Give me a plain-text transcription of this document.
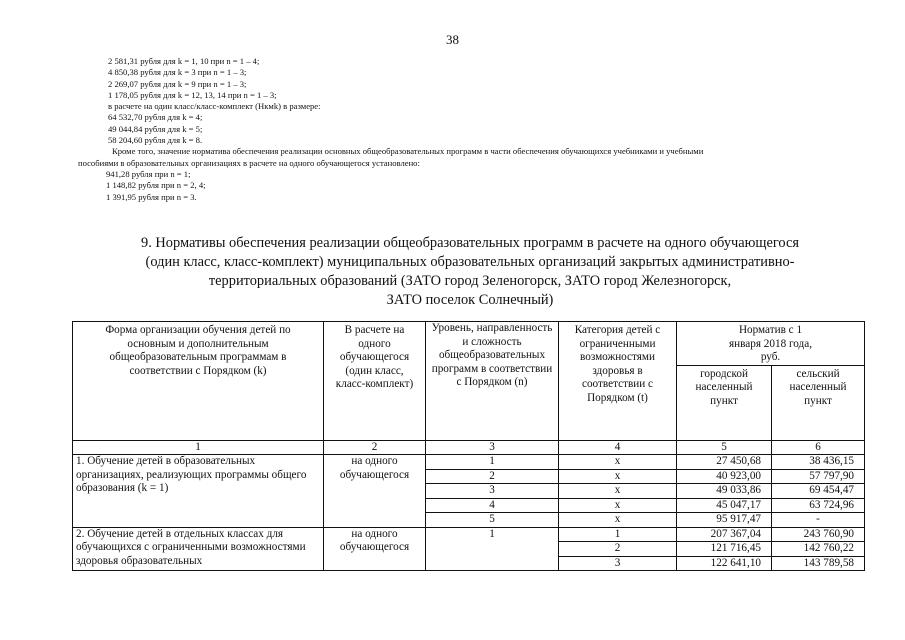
38
2 581,31 рубля для k = 1, 10 при n = 1 – 4;
4 850,38 рубля для k = 3 при n = 1 – 3;
2 269,07 рубля для k = 9 при n = 1 – 3;
1 178,05 рубля для k = 12, 13, 14 при n = 1 – 3;
в расчете на один класс/класс-комплект (Нкмk) в размере:
64 532,70 рубля для k = 4;
49 044,84 рубля для k = 5;
58 204,60 рубля для k = 8.
Кроме того, значение норматива обеспечения реализации основных общеобразовательных программ в части обеспечения обучающихся учебниками и учебными
пособиями в образовательных организациях в расчете на одного обучающегося установлено:
941,28 рубля при n = 1;
1 148,82 рубля при n = 2, 4;
1 391,95 рубля при n = 3.
9. Нормативы обеспечения реализации общеобразовательных программ в расчете на одного обучающегося
(один класс, класс-комплект) муниципальных образовательных организаций закрытых административно-
территориальных образований (ЗАТО город Зеленогорск, ЗАТО город Железногорск,
ЗАТО поселок Солнечный)
Форма организации обучения детей по основным и дополнительным общеобразовательным программам в соответствии с Порядком (k)	В расчете на одного обучающегося (один класс, класс-комплект)	Уровень, направленность и сложность общеобразовательных программ в соответствии с Порядком (n)	Категория детей с ограниченными возможностями здоровья в соответствии с Порядком (t)	Норматив с 1 января 2018 года, руб.	
				городской населенный пункт	сельский населенный пункт
1	2	3	4	5	6
1. Обучение детей в образовательных организациях, реализующих программы общего образования (k = 1)	на одного обучающегося	1	х	27 450,68	38 436,15
		2	х	40 923,00	57 797,90
		3	х	49 033,86	69 454,47
		4	х	45 047,17	63 724,96
		5	х	95 917,47	-
2. Обучение детей в отдельных классах для обучающихся с ограниченными возможностями здоровья образовательных	на одного обучающегося	1	1	207 367,04	243 760,90
			2	121 716,45	142 760,22
			3	122 641,10	143 789,58
